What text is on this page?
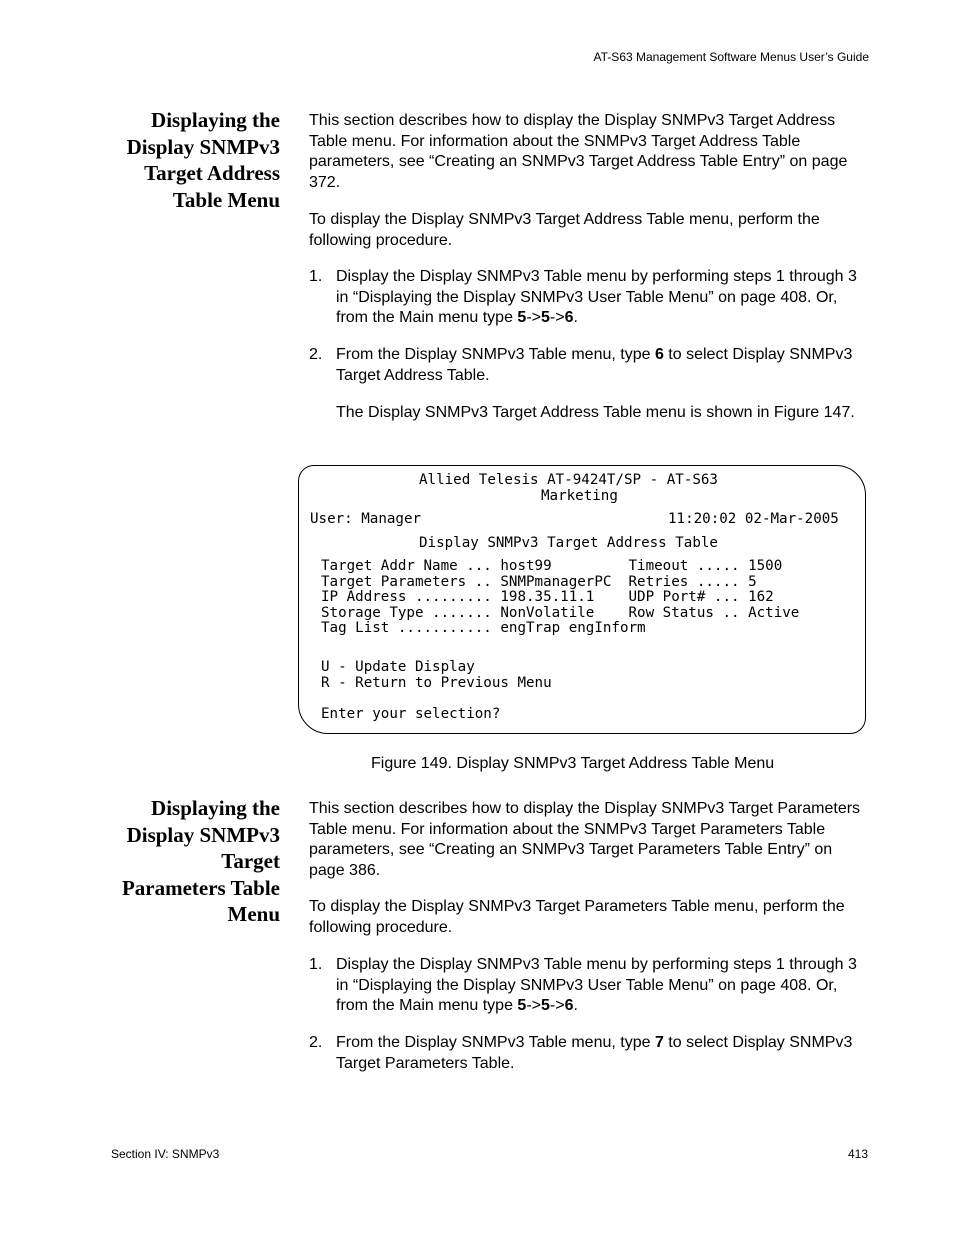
AT-S63 Management Software Menus User’s Guide
Displaying the
Display SNMPv3
Target Address
Table Menu
This section describes how to display the Display SNMPv3 Target Address Table menu. For information about the SNMPv3 Target Address Table parameters, see “Creating an SNMPv3 Target Address Table Entry” on page 372.
To display the Display SNMPv3 Target Address Table menu, perform the following procedure.
1. Display the Display SNMPv3 Table menu by performing steps 1 through 3 in “Displaying the Display SNMPv3 User Table Menu” on page 408. Or, from the Main menu type 5->5->6.
2. From the Display SNMPv3 Table menu, type 6 to select Display SNMPv3 Target Address Table.
The Display SNMPv3 Target Address Table menu is shown in Figure 147.
Allied Telesis AT-9424T/SP - AT-S63
Marketing
User: Manager	11:20:02 02-Mar-2005
Display SNMPv3 Target Address Table
Target Addr Name ... host99         Timeout ..... 1500
Target Parameters .. SNMPmanagerPC  Retries ..... 5
IP Address ......... 198.35.11.1    UDP Port# ... 162
Storage Type ....... NonVolatile    Row Status .. Active
Tag List ........... engTrap engInform
U - Update Display
R - Return to Previous Menu
Enter your selection?
Figure 149. Display SNMPv3 Target Address Table Menu
Displaying the
Display SNMPv3
Target
Parameters Table
Menu
This section describes how to display the Display SNMPv3 Target Parameters Table menu. For information about the SNMPv3 Target Parameters Table parameters, see “Creating an SNMPv3 Target Parameters Table Entry” on page 386.
To display the Display SNMPv3 Target Parameters Table menu, perform the following procedure.
1. Display the Display SNMPv3 Table menu by performing steps 1 through 3 in “Displaying the Display SNMPv3 User Table Menu” on page 408. Or, from the Main menu type 5->5->6.
2. From the Display SNMPv3 Table menu, type 7 to select Display SNMPv3 Target Parameters Table.
Section IV: SNMPv3	413
